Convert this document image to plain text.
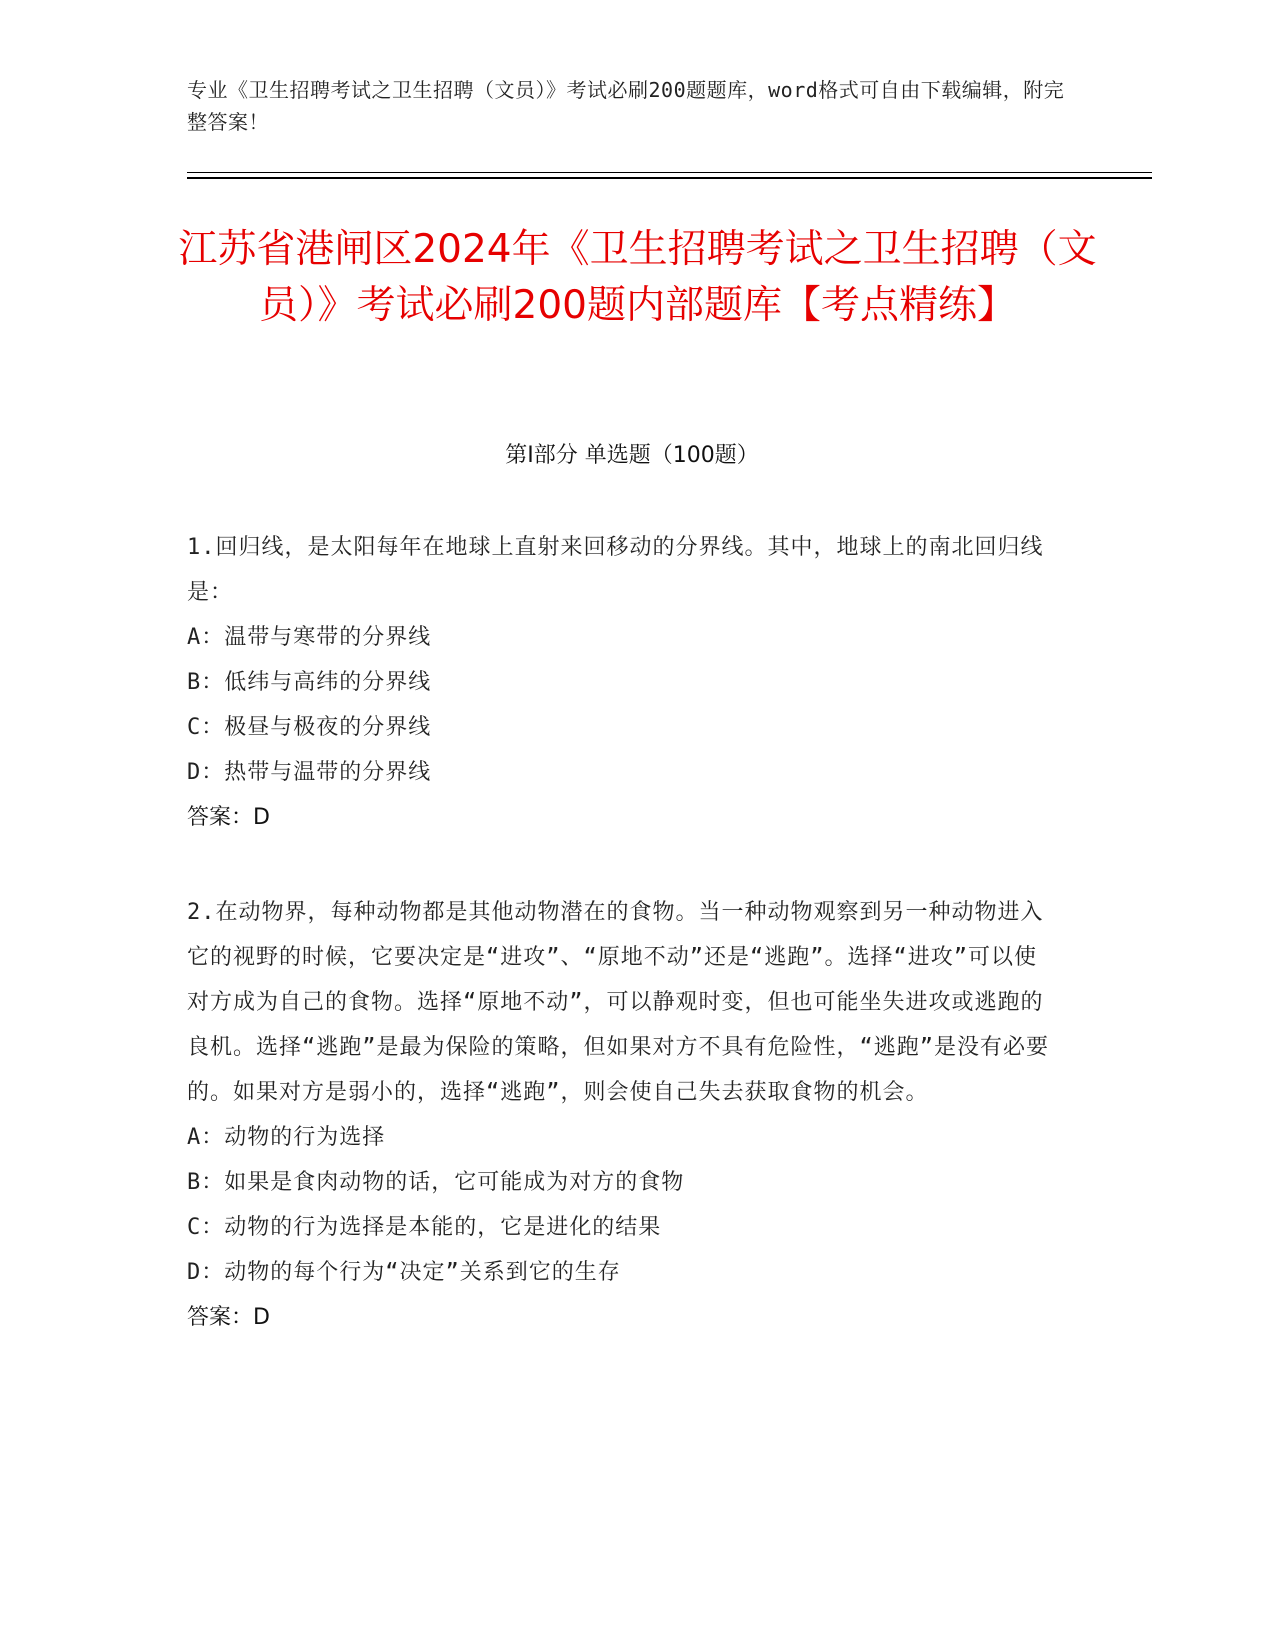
专业《卫生招聘考试之卫生招聘（文员）》考试必刷200题题库，word格式可自由下载编辑，附完整答案！
江苏省港闸区2024年《卫生招聘考试之卫生招聘（文员）》考试必刷200题内部题库【考点精练】
第Ⅰ部分 单选题（100题）
1.回归线，是太阳每年在地球上直射来回移动的分界线。其中，地球上的南北回归线是：
A：温带与寒带的分界线
B：低纬与高纬的分界线
C：极昼与极夜的分界线
D：热带与温带的分界线
答案：D
2.在动物界，每种动物都是其他动物潜在的食物。当一种动物观察到另一种动物进入它的视野的时候，它要决定是“进攻”、“原地不动”还是“逃跑”。选择“进攻”可以使对方成为自己的食物。选择“原地不动”，可以静观时变，但也可能坐失进攻或逃跑的良机。选择“逃跑”是最为保险的策略，但如果对方不具有危险性，“逃跑”是没有必要的。如果对方是弱小的，选择“逃跑”，则会使自己失去获取食物的机会。
A：动物的行为选择
B：如果是食肉动物的话，它可能成为对方的食物
C：动物的行为选择是本能的，它是进化的结果
D：动物的每个行为“决定”关系到它的生存
答案：D
